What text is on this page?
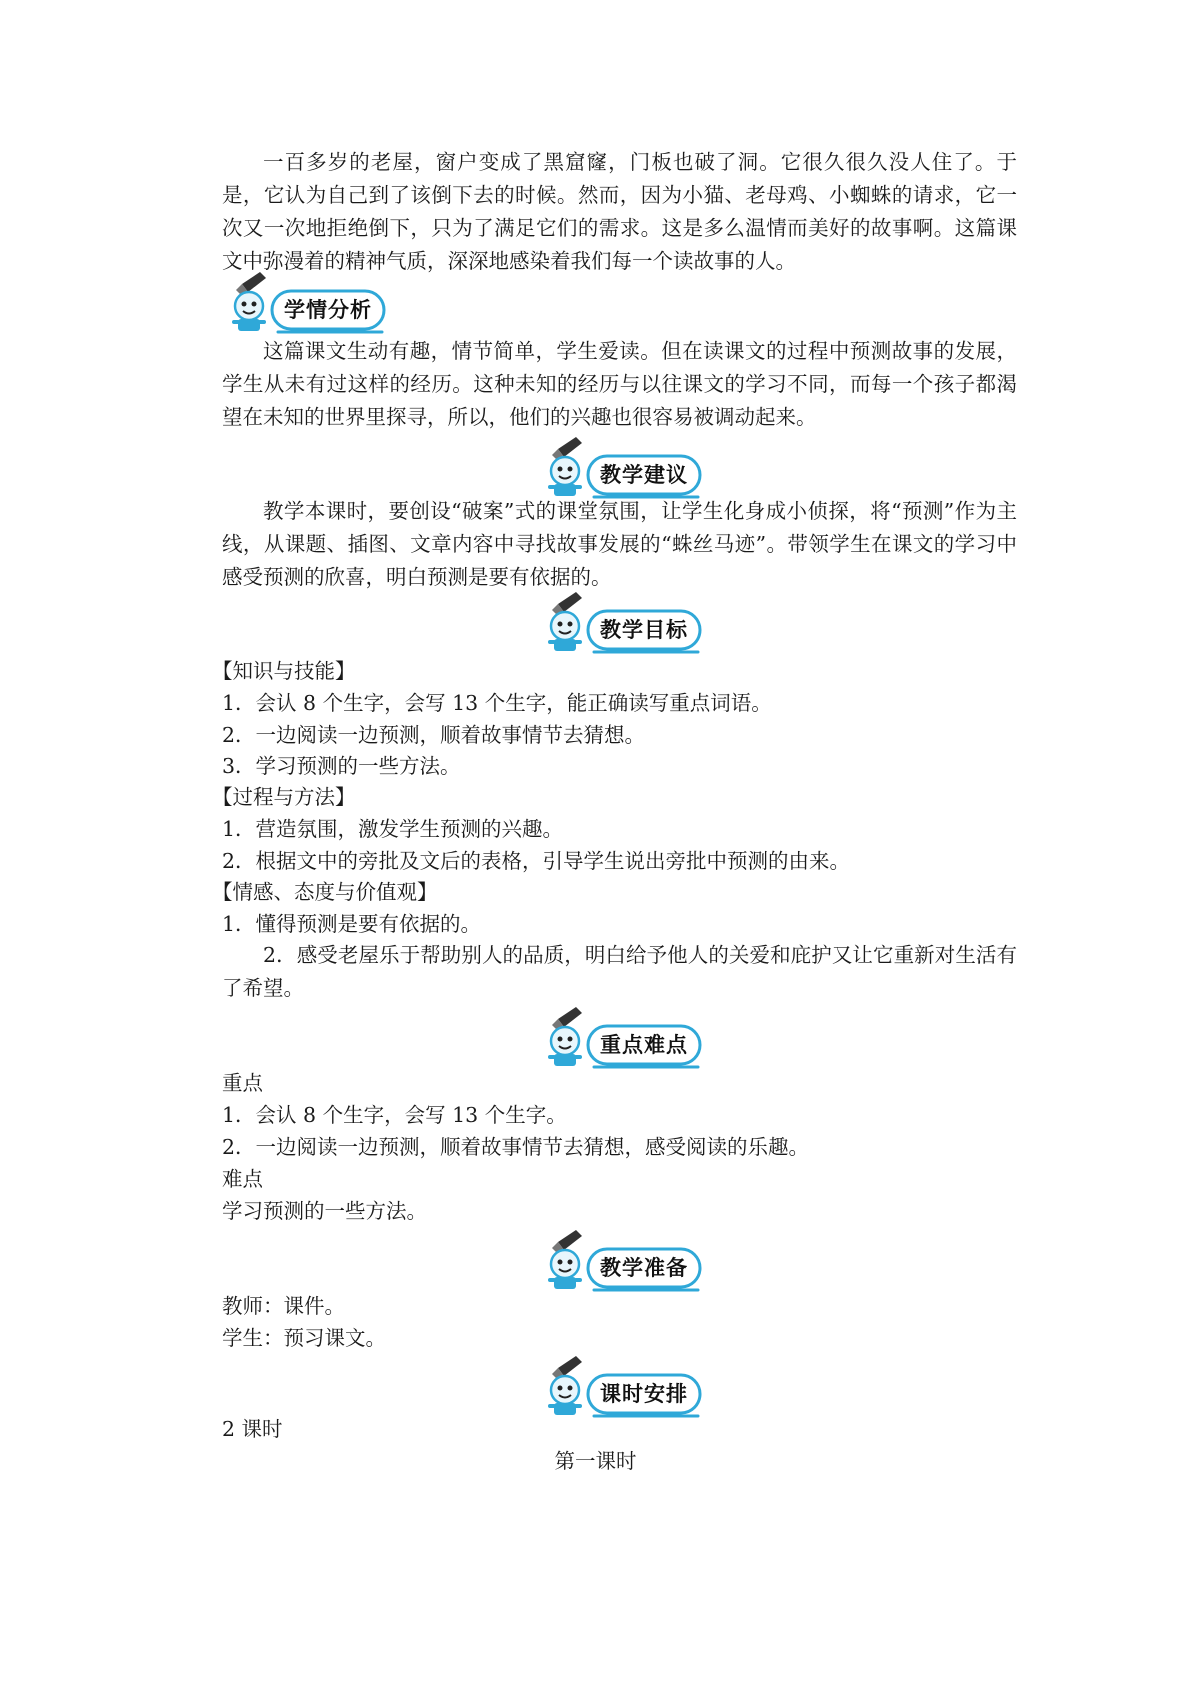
一百多岁的老屋，窗户变成了黑窟窿，门板也破了洞。它很久很久没人住了。于是，它认为自己到了该倒下去的时候。然而，因为小猫、老母鸡、小蜘蛛的请求，它一次又一次地拒绝倒下，只为了满足它们的需求。这是多么温情而美好的故事啊。这篇课文中弥漫着的精神气质，深深地感染着我们每一个读故事的人。

学情分析

这篇课文生动有趣，情节简单，学生爱读。但在读课文的过程中预测故事的发展，学生从未有过这样的经历。这种未知的经历与以往课文的学习不同，而每一个孩子都渴望在未知的世界里探寻，所以，他们的兴趣也很容易被调动起来。

教学建议

教学本课时，要创设“破案”式的课堂氛围，让学生化身成小侦探，将“预测”作为主线，从课题、插图、文章内容中寻找故事发展的“蛛丝马迹”。带领学生在课文的学习中感受预测的欣喜，明白预测是要有依据的。

教学目标

【知识与技能】

1．会认 8 个生字，会写 13 个生字，能正确读写重点词语。

2．一边阅读一边预测，顺着故事情节去猜想。

3．学习预测的一些方法。

【过程与方法】

1．营造氛围，激发学生预测的兴趣。

2．根据文中的旁批及文后的表格，引导学生说出旁批中预测的由来。

【情感、态度与价值观】

1．懂得预测是要有依据的。

2．感受老屋乐于帮助别人的品质，明白给予他人的关爱和庇护又让它重新对生活有了希望。

重点难点

重点

1．会认 8 个生字，会写 13 个生字。

2．一边阅读一边预测，顺着故事情节去猜想，感受阅读的乐趣。

难点

学习预测的一些方法。

教学准备

教师：课件。

学生：预习课文。

课时安排

2 课时

第一课时
